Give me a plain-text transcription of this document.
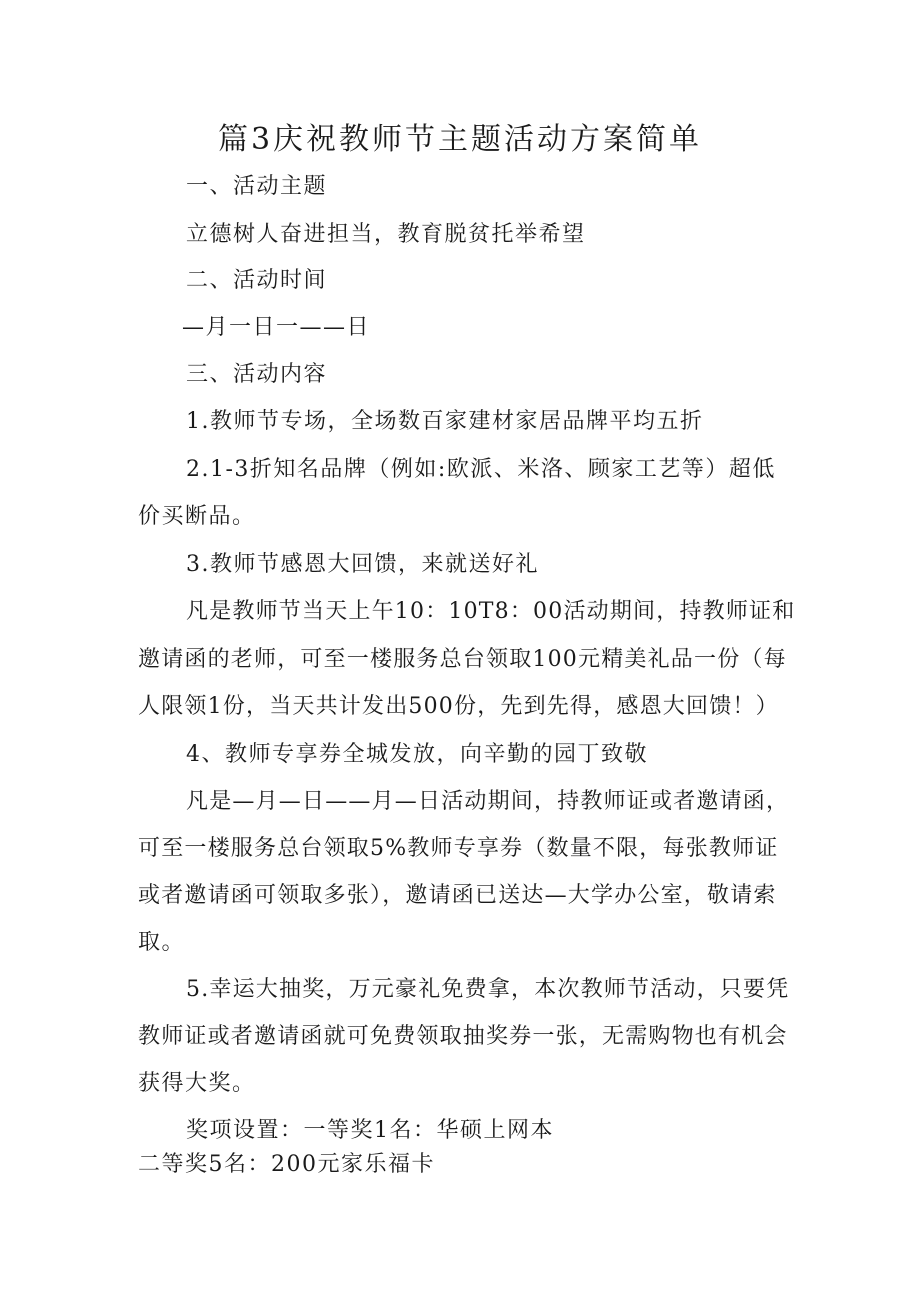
篇3庆祝教师节主题活动方案简单
一、活动主题
立德树人奋进担当，教育脱贫托举希望
二、活动时间
—月一日一——日
三、活动内容
1.教师节专场，全场数百家建材家居品牌平均五折
2.1-3折知名品牌（例如:欧派、米洛、顾家工艺等）超低
价买断品。
3.教师节感恩大回馈，来就送好礼
凡是教师节当天上午10：10T8：00活动期间，持教师证和
邀请函的老师，可至一楼服务总台领取100元精美礼品一份（每
人限领1份，当天共计发出500份，先到先得，感恩大回馈！）
4、教师专享券全城发放，向辛勤的园丁致敬
凡是—月—日——月—日活动期间，持教师证或者邀请函，
可至一楼服务总台领取5%教师专享券（数量不限，每张教师证
或者邀请函可领取多张），邀请函已送达—大学办公室，敬请索
取。
5.幸运大抽奖，万元豪礼免费拿，本次教师节活动，只要凭
教师证或者邀请函就可免费领取抽奖券一张，无需购物也有机会
获得大奖。
奖项设置：一等奖1名：华硕上网本
二等奖5名：200元家乐福卡
